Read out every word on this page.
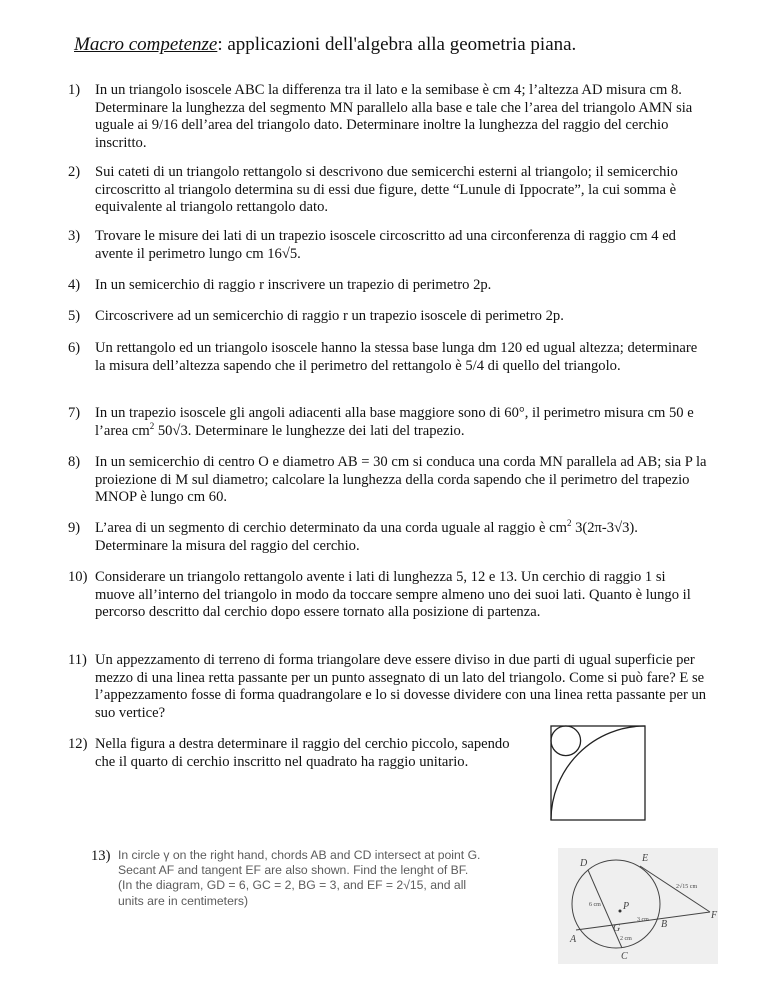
Macro competenze: applicazioni dell'algebra alla geometria piana.
1) In un triangolo isoscele ABC la differenza tra il lato e la semibase è cm 4; l’altezza AD misura cm 8. Determinare la lunghezza del segmento MN parallelo alla base e tale che l’area del triangolo AMN sia uguale ai 9/16 dell’area del triangolo dato. Determinare inoltre la lunghezza del raggio del cerchio inscritto.
2) Sui cateti di un triangolo rettangolo si descrivono due semicerchi esterni al triangolo; il semicerchio circoscritto al triangolo determina su di essi due figure, dette “Lunule di Ippocrate”, la cui somma è equivalente al triangolo rettangolo dato.
3) Trovare le misure dei lati di un trapezio isoscele circoscritto ad una circonferenza di raggio cm 4 ed avente il perimetro lungo cm 16√5.
4) In un semicerchio di raggio r inscrivere un trapezio di perimetro 2p.
5) Circoscrivere ad un semicerchio di raggio r un trapezio isoscele di perimetro 2p.
6) Un rettangolo ed un triangolo isoscele hanno la stessa base lunga dm 120 ed ugual altezza; determinare la misura dell’altezza sapendo che il perimetro del rettangolo è 5/4 di quello del triangolo.
7) In un trapezio isoscele gli angoli adiacenti alla base maggiore sono di 60°, il perimetro misura cm 50 e l’area $cm^2$ 50√3. Determinare le lunghezze dei lati del trapezio.
8) In un semicerchio di centro O e diametro AB = 30 cm si conduca una corda MN parallela ad AB; sia P la proiezione di M sul diametro; calcolare la lunghezza della corda sapendo che il perimetro del trapezio MNOP è lungo cm 60.
9) L’area di un segmento di cerchio determinato da una corda uguale al raggio è $cm^2$ 3(2π-3√3). Determinare la misura del raggio del cerchio.
10) Considerare un triangolo rettangolo avente i lati di lunghezza 5, 12 e 13. Un cerchio di raggio 1 si muove all’interno del triangolo in modo da toccare sempre almeno uno dei suoi lati. Quanto è lungo il percorso descritto dal cerchio dopo essere tornato alla posizione di partenza.
11) Un appezzamento di terreno di forma triangolare deve essere diviso in due parti di ugual superficie per mezzo di una linea retta passante per un punto assegnato di un lato del triangolo. Come si può fare? E se l’appezzamento fosse di forma quadrangolare e lo si dovesse dividere con una linea retta passante per un suo vertice?
12) Nella figura a destra determinare il raggio del cerchio piccolo, sapendo che il quarto di cerchio inscritto nel quadrato ha raggio unitario.
13) In circle γ on the right hand, chords AB and CD intersect at point G.
Secant AF and tangent EF are also shown. Find the lenght of BF.
(In the diagram, GD = 6, GC = 2, BG = 3, and EF = 2√15, and all
units are in centimeters)
D	E
F
A
B
C
G
P
6 cm
3 cm
2 cm
2√15 cm
